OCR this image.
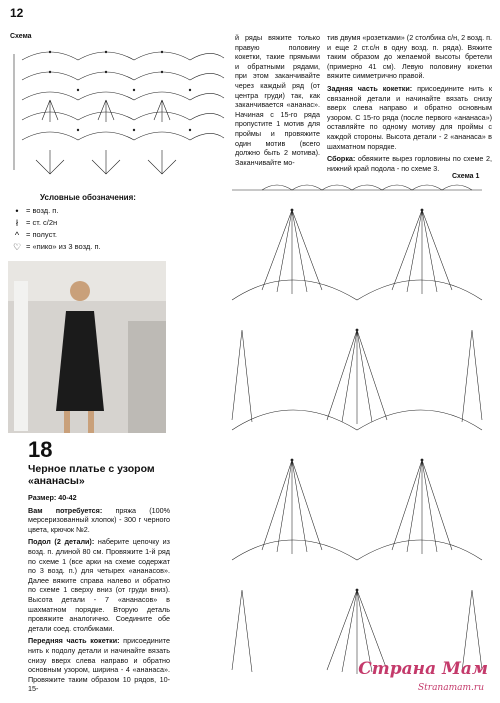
12
Схема
Условные обозначения:
• = возд. п.
ł	= ст. с/2н
^ = полуст.
♡ = «пико» из 3 возд. п.
18
Черное платье с узором «ананасы»

Размер: 40-42

Вам потребуется: пряжа (100% мерсеризованный хлопок) - 300 г черного цвета, крючок №2.

Подол (2 детали): наберите цепочку из возд. п. длиной 80 см. Провяжите 1-й ряд по схеме 1 (все арки на схеме содержат по 3 возд. п.) для четырех «ананасов». Далее вяжите справа налево и обратно по схеме 1 сверху вниз (от груди вниз). Высота детали - 7 «ананасов» в шахматном порядке. Вторую деталь провяжите аналогично. Соедините обе детали соед. столбиками.

Передняя часть кокетки: присоедините нить к подолу детали и начинайте вязать снизу вверх слева направо и обратно основным узором, ширина - 4 «ананаса». Провяжите таким образом 10 рядов, 10-15-

й ряды вяжите только правую половину кокетки, такие прямыми и обратными рядами, при этом заканчивайте через каждый ряд (от центра груди) так, как заканчивается «ананас». Начиная с 15-го ряда пропустите 1 мотив для проймы и провяжите один мотив (всего должно быть 2 мотива). Заканчивайте мо-

тив двумя «розетками» (2 столбика с/н, 2 возд. п. и еще 2 ст.с/н в одну возд. п. ряда). Вяжите таким образом до желаемой высоты бретели (примерно 41 см). Левую половину кокетки вяжите симметрично правой.

Задняя часть кокетки: присоедините нить к связанной детали и начинайте вязать снизу вверх слева направо и обратно основным узором. С 15-го ряда (после первого «ананаса») оставляйте по одному мотиву для проймы с каждой стороны. Высота детали - 2 «ананаса» в шахматном порядке.

Сборка: обвяжите вырез горловины по схеме 2, нижний край подола - по схеме 3.

Схема 1
Страна Мам
Stranamam.ru
